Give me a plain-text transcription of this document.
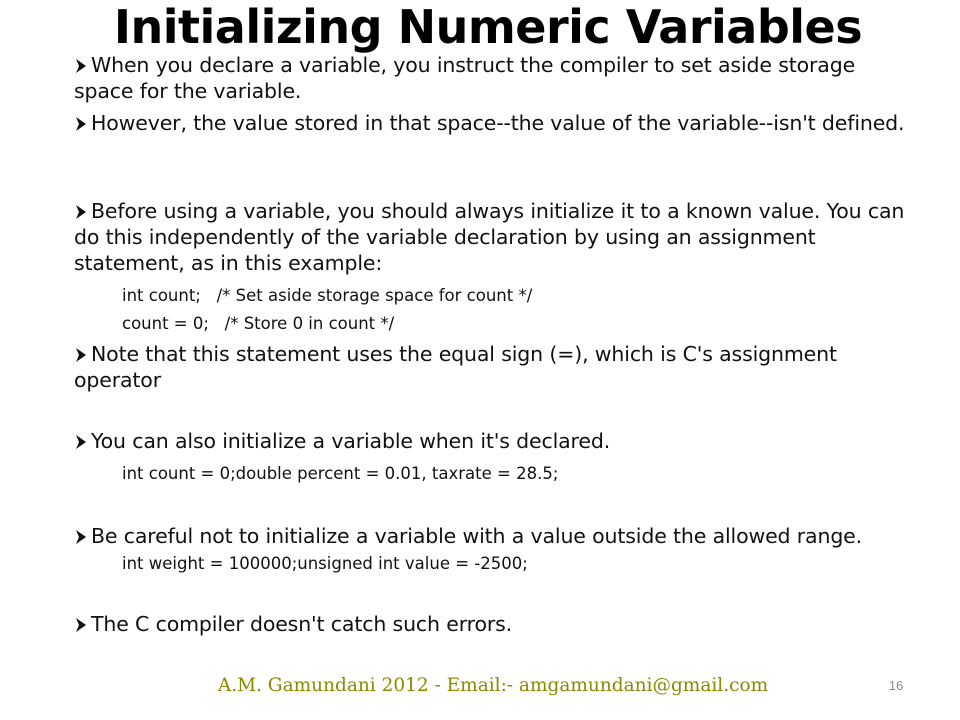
Initializing Numeric Variables
When you declare a variable, you instruct the compiler to set aside storage space for the variable.
However, the value stored in that space--the value of the variable--isn't defined.
Before using a variable, you should always initialize it to a known value. You can do this independently of the variable declaration by using an assignment statement, as in this example:
int count;   /* Set aside storage space for count */
count = 0;   /* Store 0 in count */
Note that this statement uses the equal sign (=), which is C's assignment operator
You can also initialize a variable when it's declared.
int count = 0;double percent = 0.01, taxrate = 28.5;
Be careful not to initialize a variable with a value outside the allowed range.
int weight = 100000;unsigned int value = -2500;
The C compiler doesn't catch such errors.
A.M. Gamundani 2012 - Email:- amgamundani@gmail.com	16
